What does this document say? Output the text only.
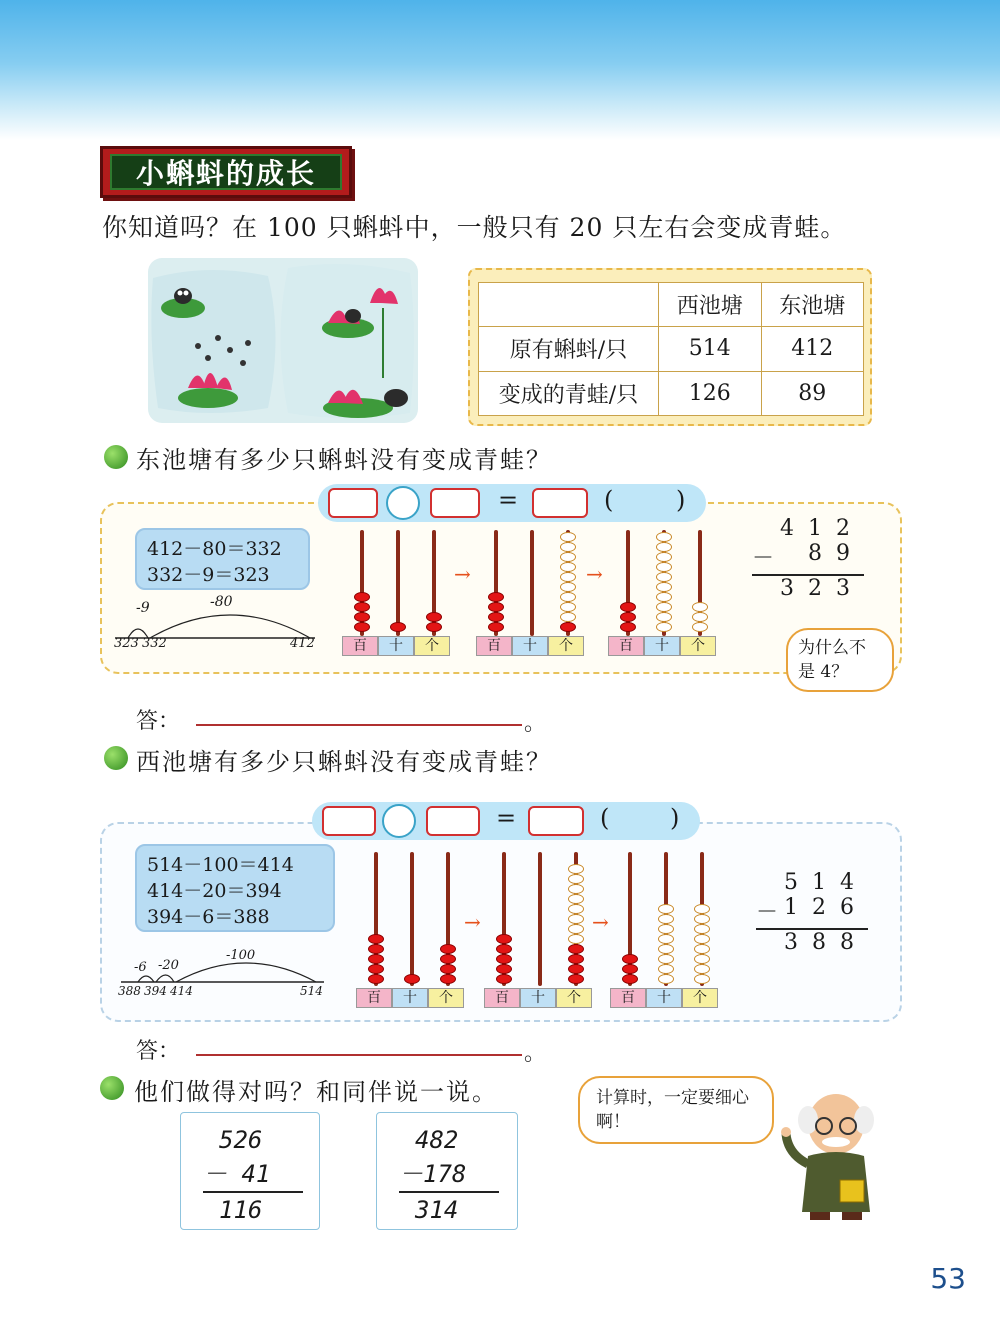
小蝌蚪的成长
你知道吗？在 100 只蝌蚪中，一般只有 20 只左右会变成青蛙。
	西池塘	东池塘
原有蝌蚪/只	514	412
变成的青蛙/只	126	89
东池塘有多少只蝌蚪没有变成青蛙？
=	(	)
412－80＝332
332－9＝323
-9	-80
323 332	412	百	十	个
→
百	十	个
→
百	十	个
412
－ 89
323
为什么不是 4？
答：	。
西池塘有多少只蝌蚪没有变成青蛙？
=	(	)
514－100＝414
414－20＝394
394－6＝388
-6 -20
-100
388 394 414	514	百	十	个
→
百	十	个
→
百	十	个
514
－ 126
388
答：	。
他们做得对吗？和同伴说一说。
526
－ 41
116
482
－178
314
计算时，一定要细心啊！
53
